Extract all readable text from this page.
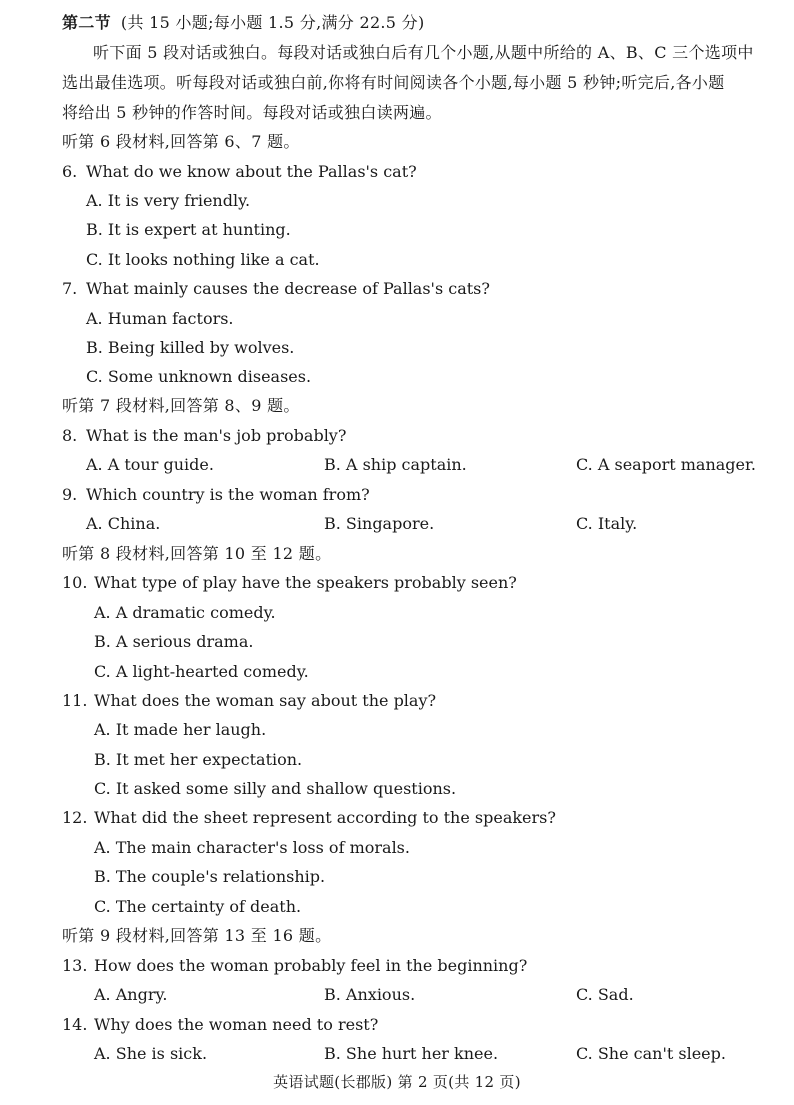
第二节 (共 15 小题;每小题 1.5 分,满分 22.5 分)
听下面 5 段对话或独白。每段对话或独白后有几个小题,从题中所给的 A、B、C 三个选项中
选出最佳选项。听每段对话或独白前,你将有时间阅读各个小题,每小题 5 秒钟;听完后,各小题
将给出 5 秒钟的作答时间。每段对话或独白读两遍。
听第 6 段材料,回答第 6、7 题。
6. What do we know about the Pallas's cat?
A. It is very friendly.
B. It is expert at hunting.
C. It looks nothing like a cat.
7. What mainly causes the decrease of Pallas's cats?
A. Human factors.
B. Being killed by wolves.
C. Some unknown diseases.
听第 7 段材料,回答第 8、9 题。
8. What is the man's job probably?
A. A tour guide.	B. A ship captain.	C. A seaport manager.
9. Which country is the woman from?
A. China.	B. Singapore.	C. Italy.
听第 8 段材料,回答第 10 至 12 题。
10. What type of play have the speakers probably seen?
A. A dramatic comedy.
B. A serious drama.
C. A light-hearted comedy.
11. What does the woman say about the play?
A. It made her laugh.
B. It met her expectation.
C. It asked some silly and shallow questions.
12. What did the sheet represent according to the speakers?
A. The main character's loss of morals.
B. The couple's relationship.
C. The certainty of death.
听第 9 段材料,回答第 13 至 16 题。
13. How does the woman probably feel in the beginning?
A. Angry.	B. Anxious.	C. Sad.
14. Why does the woman need to rest?
A. She is sick.	B. She hurt her knee.	C. She can't sleep.
英语试题(长郡版) 第 2 页(共 12 页)
